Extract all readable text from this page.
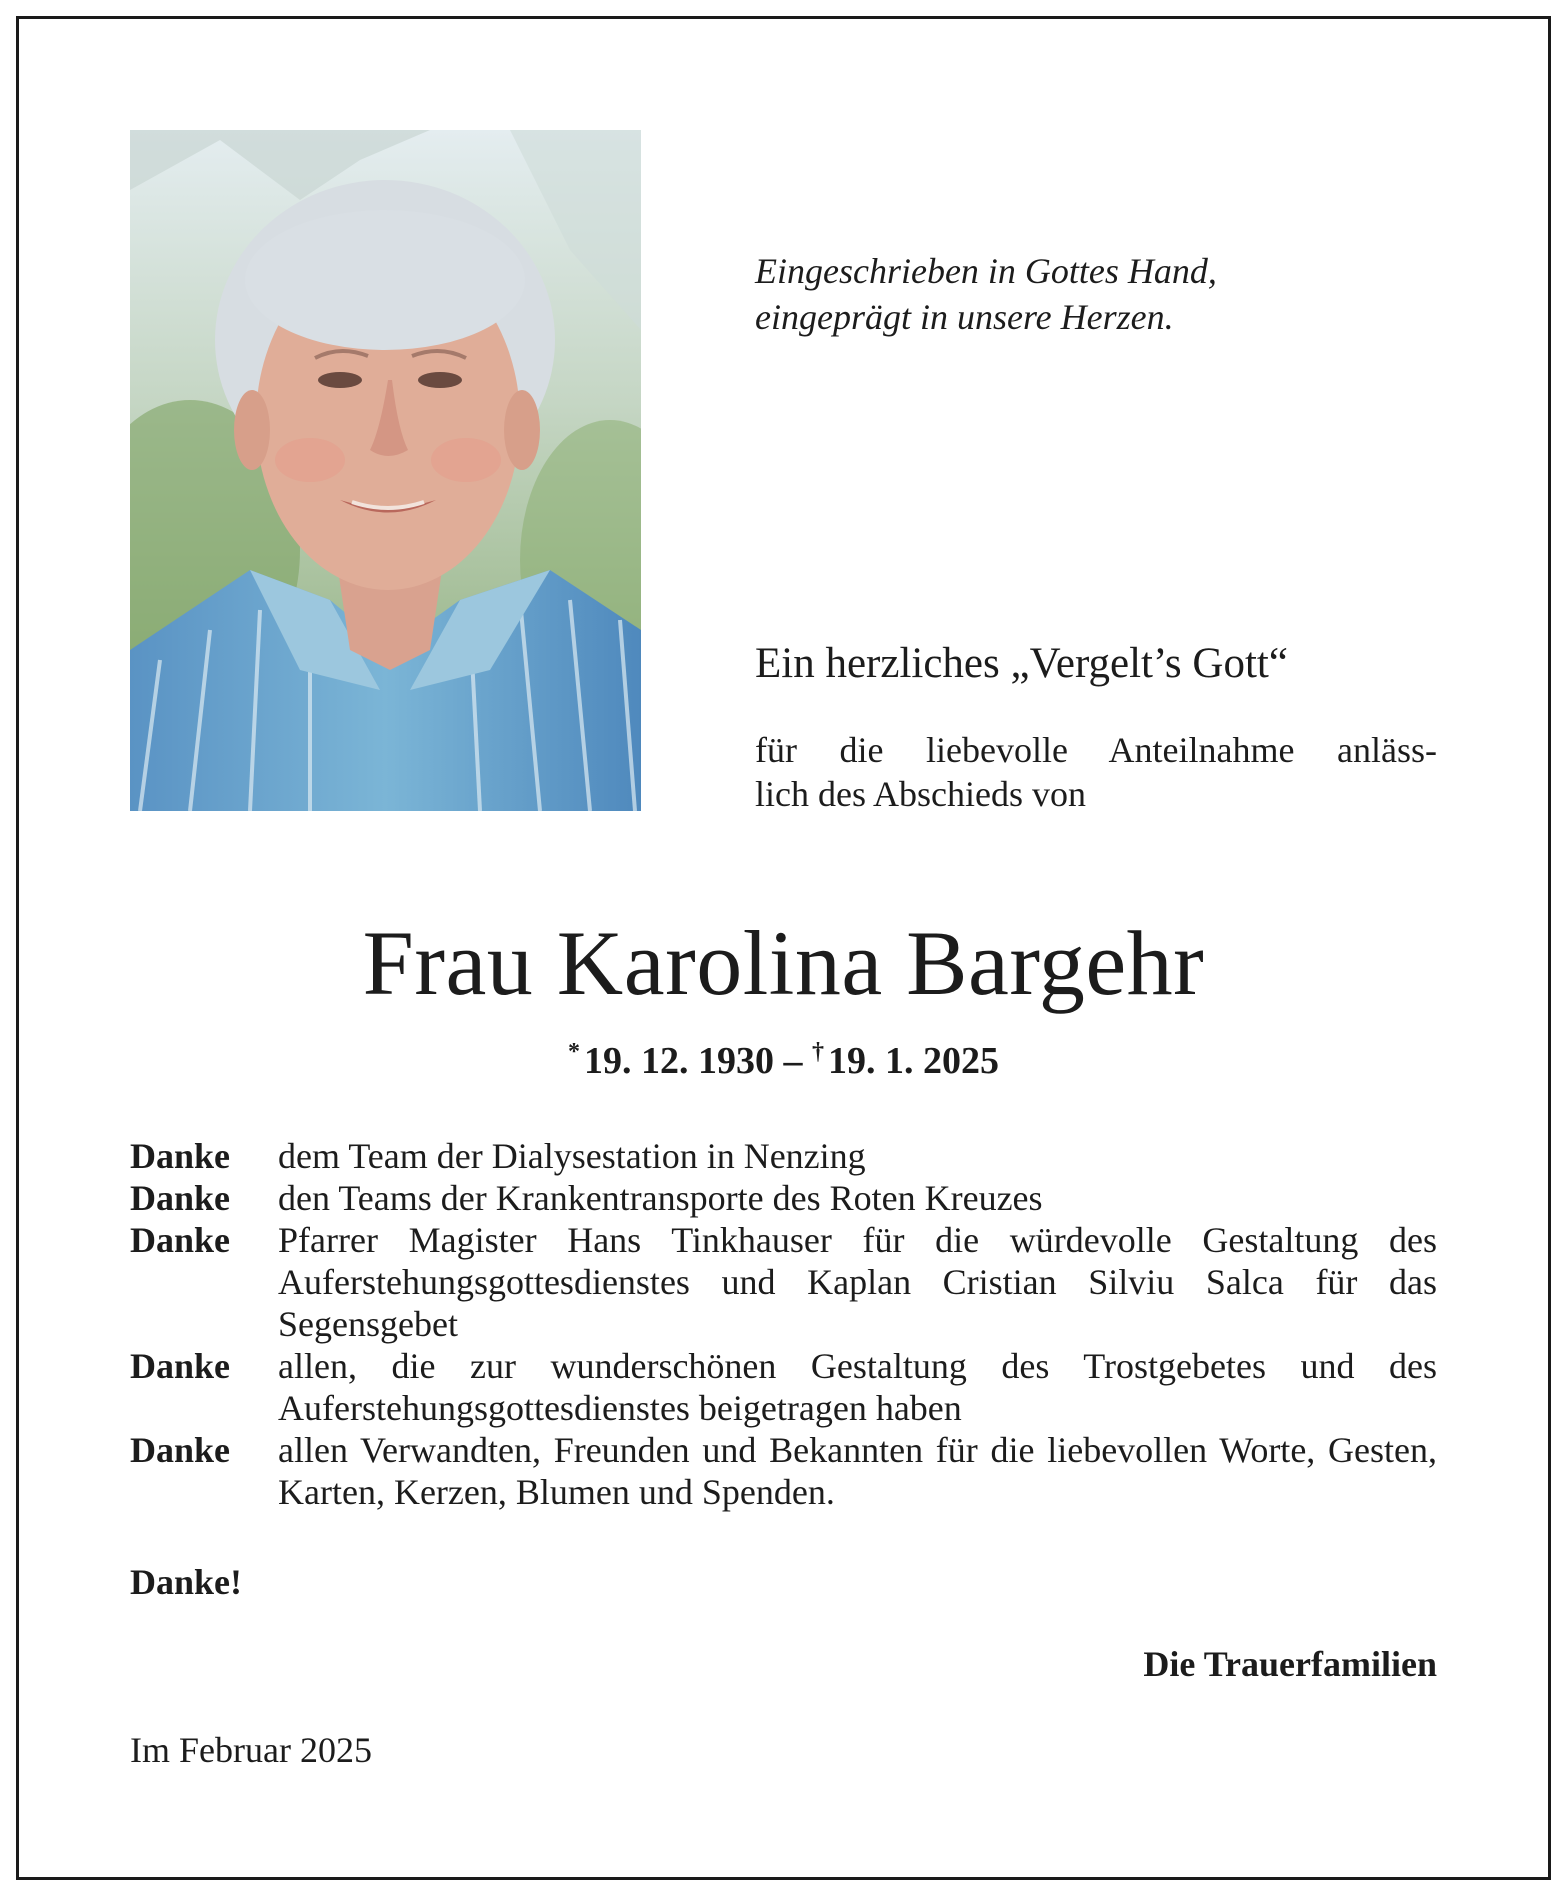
Eingeschrieben in Gottes Hand,
eingeprägt in unsere Herzen.
Ein herzliches „Vergelt’s Gott“
für die liebevolle Anteilnahme anläss-
lich des Abschieds von
Frau Karolina Bargehr
* 19. 12. 1930 – † 19. 1. 2025
Danke	dem Team der Dialysestation in Nenzing
Danke	den Teams der Krankentransporte des Roten Kreuzes
Danke	Pfarrer Magister Hans Tinkhauser für die würdevolle Gestaltung des Auferstehungsgottesdienstes und Kaplan Cristian Silviu Salca für das Segensgebet
Danke	allen, die zur wunderschönen Gestaltung des Trostgebetes und des Auferstehungsgottesdienstes beigetragen haben
Danke	allen Verwandten, Freunden und Bekannten für die liebevollen Worte, Gesten, Karten, Kerzen, Blumen und Spenden.
Danke!
Die Trauerfamilien
Im Februar 2025
